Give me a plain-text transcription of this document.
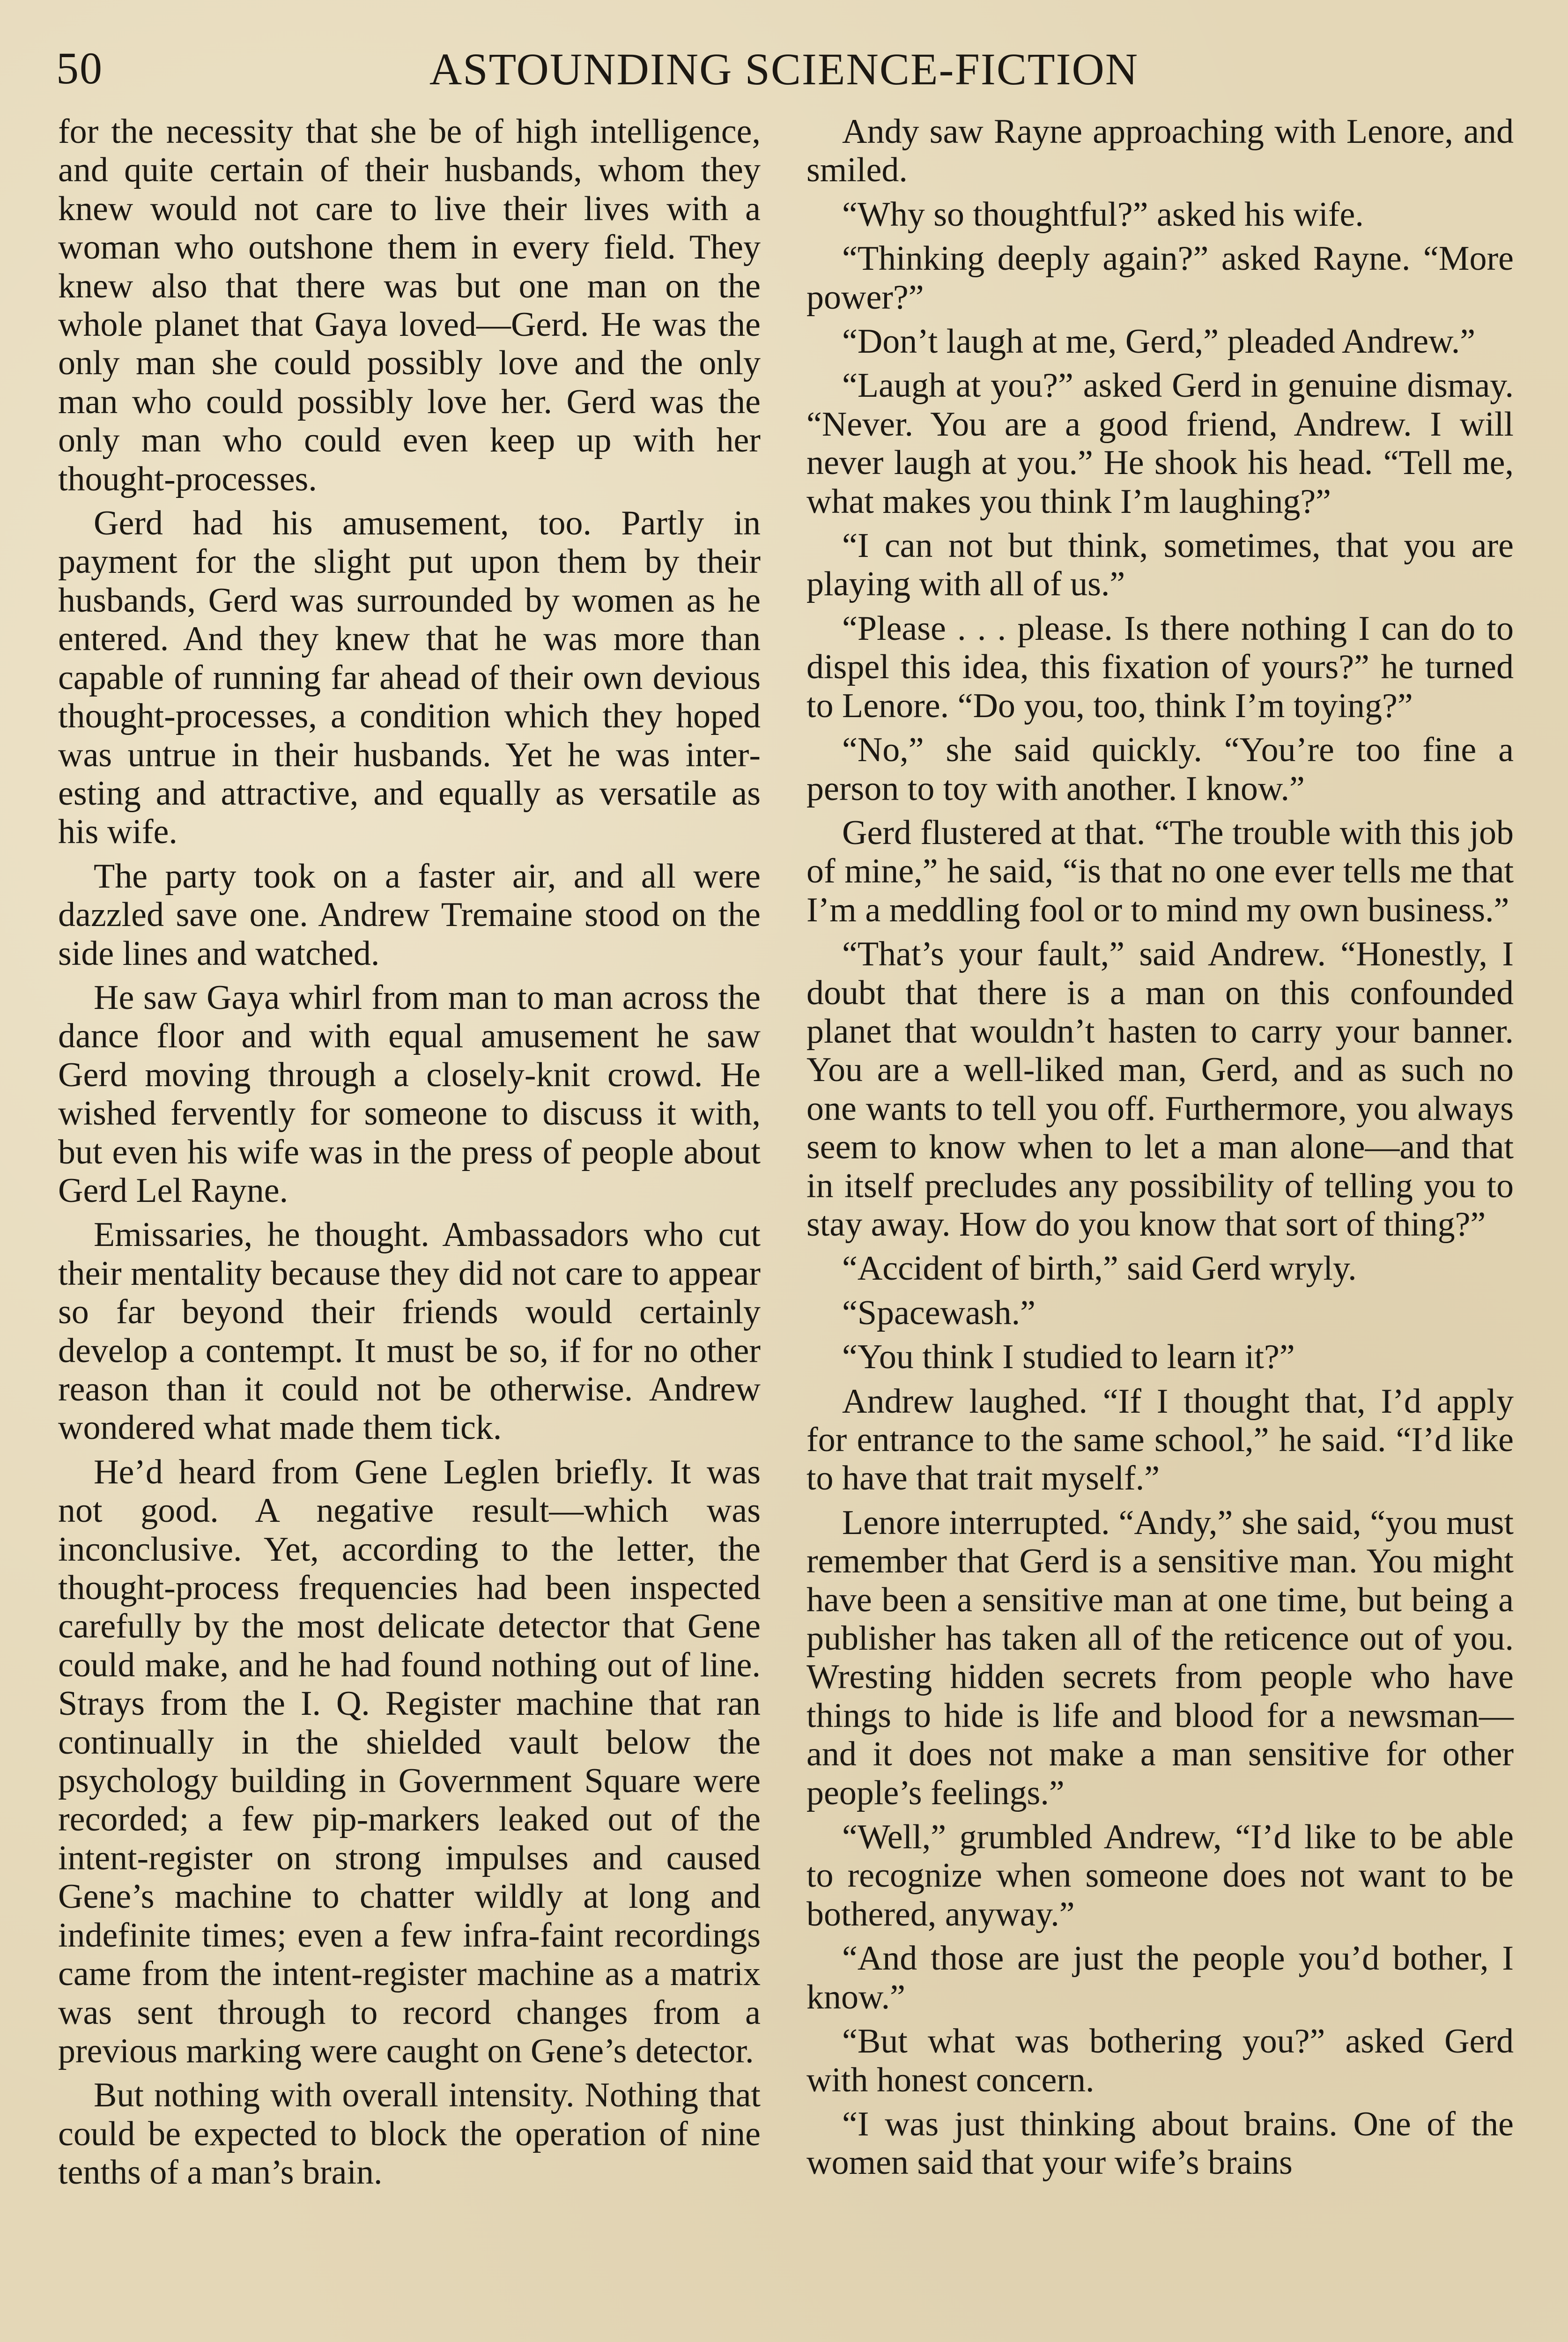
50	ASTOUNDING SCIENCE-FICTION

for the necessity that she be of high intelligence, and quite certain of their husbands, whom they knew would not care to live their lives with a woman who outshone them in every field. They knew also that there was but one man on the whole planet that Gaya loved—Gerd. He was the only man she could possibly love and the only man who could possibly love her. Gerd was the only man who could even keep up with her thought-processes.

Gerd had his amusement, too. Partly in payment for the slight put upon them by their husbands, Gerd was surrounded by women as he entered. And they knew that he was more than capable of running far ahead of their own devious thought-processes, a condition which they hoped was untrue in their husbands. Yet he was interesting and attractive, and equally as versatile as his wife.

The party took on a faster air, and all were dazzled save one. Andrew Tremaine stood on the side lines and watched.

He saw Gaya whirl from man to man across the dance floor and with equal amusement he saw Gerd moving through a closely-knit crowd. He wished fervently for someone to discuss it with, but even his wife was in the press of people about Gerd Lel Rayne.

Emissaries, he thought. Ambassadors who cut their mentality because they did not care to appear so far beyond their friends would certainly develop a contempt. It must be so, if for no other reason than it could not be otherwise. Andrew wondered what made them tick.

He’d heard from Gene Leglen briefly. It was not good. A negative result—which was inconclusive. Yet, according to the letter, the thought-process frequencies had been inspected carefully by the most delicate detector that Gene could make, and he had found nothing out of line. Strays from the I. Q. Register machine that ran continually in the shielded vault below the psychology building in Government Square were recorded; a few pip-markers leaked out of the intent-register on strong impulses and caused Gene’s machine to chatter wildly at long and indefinite times; even a few infra-faint recordings came from the intent-register machine as a matrix was sent through to record changes from a previous marking were caught on Gene’s detector.

But nothing with overall intensity. Nothing that could be expected to block the operation of nine tenths of a man’s brain.

Andy saw Rayne approaching with Lenore, and smiled.

“Why so thoughtful?” asked his wife.

“Thinking deeply again?” asked Rayne. “More power?”

“Don’t laugh at me, Gerd,” pleaded Andrew.”

“Laugh at you?” asked Gerd in genuine dismay. “Never. You are a good friend, Andrew. I will never laugh at you.” He shook his head. “Tell me, what makes you think I’m laughing?”

“I can not but think, sometimes, that you are playing with all of us.”

“Please . . . please. Is there nothing I can do to dispel this idea, this fixation of yours?” he turned to Lenore. “Do you, too, think I’m toying?”

“No,” she said quickly. “You’re too fine a person to toy with another. I know.”

Gerd flustered at that. “The trouble with this job of mine,” he said, “is that no one ever tells me that I’m a meddling fool or to mind my own business.”

“That’s your fault,” said Andrew. “Honestly, I doubt that there is a man on this confounded planet that wouldn’t hasten to carry your banner. You are a well-liked man, Gerd, and as such no one wants to tell you off. Furthermore, you always seem to know when to let a man alone—and that in itself precludes any possibility of telling you to stay away. How do you know that sort of thing?”

“Accident of birth,” said Gerd wryly.

“Spacewash.”

“You think I studied to learn it?”

Andrew laughed. “If I thought that, I’d apply for entrance to the same school,” he said. “I’d like to have that trait myself.”

Lenore interrupted. “Andy,” she said, “you must remember that Gerd is a sensitive man. You might have been a sensitive man at one time, but being a publisher has taken all of the reticence out of you. Wresting hidden secrets from people who have things to hide is life and blood for a newsman—and it does not make a man sensitive for other people’s feelings.”

“Well,” grumbled Andrew, “I’d like to be able to recognize when someone does not want to be bothered, anyway.”

“And those are just the people you’d bother, I know.”

“But what was bothering you?” asked Gerd with honest concern.

“I was just thinking about brains. One of the women said that your wife’s brains
